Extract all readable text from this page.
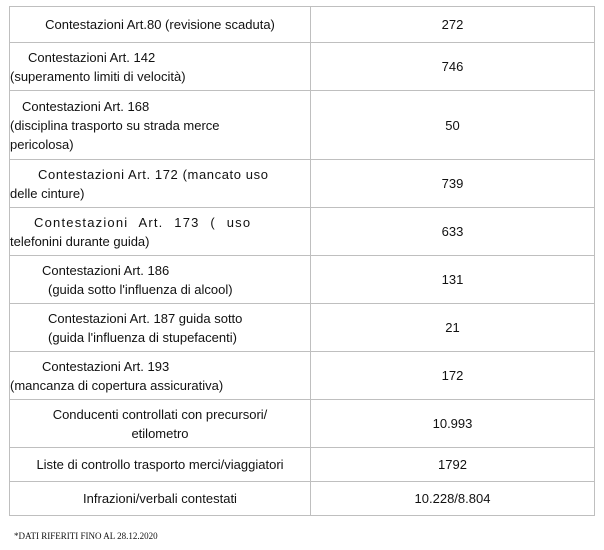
Contestazioni Art.80 (revisione scaduta)	272

Contestazioni Art. 142
(superamento limiti di velocità)	746

Contestazioni Art. 168
(disciplina trasporto su strada merce
pericolosa)	50

Contestazioni Art. 172 (mancato uso
delle cinture)	739

Contestazioni Art. 173 ( uso
telefonini durante guida)	633

Contestazioni Art. 186
(guida sotto l'influenza di alcool)	131

Contestazioni Art. 187 guida sotto
(guida l'influenza di stupefacenti)	21

Contestazioni Art. 193
(mancanza di copertura assicurativa)	172

Conducenti controllati con precursori/
etilometro	10.993

Liste di controllo trasporto merci/viaggiatori	1792

Infrazioni/verbali contestati	10.228/8.804
*DATI RIFERITI FINO AL 28.12.2020
